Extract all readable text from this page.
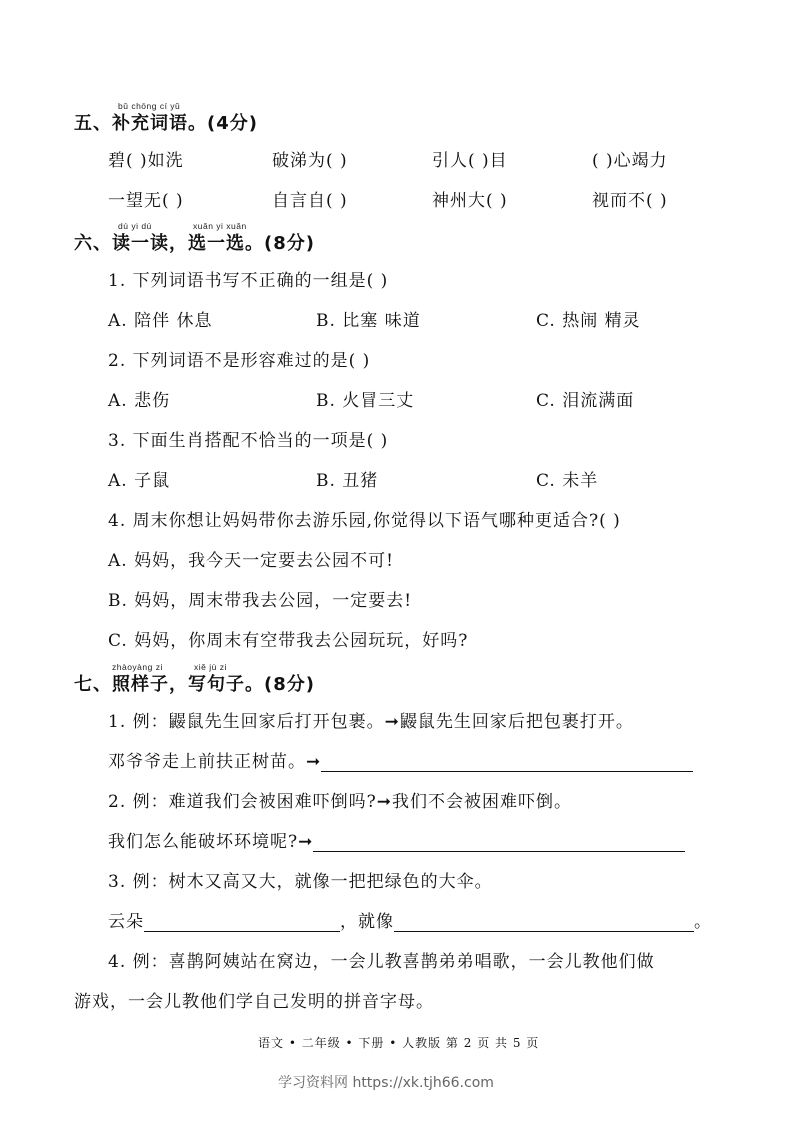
bǔ chōng cí yǔ
五、补充词语。(4分)
碧( )如洗	破涕为( )	引人( )目	( )心竭力
一望无( )	自言自( )	神州大( )	视而不( )
dú yi dú	xuǎn yi xuǎn
六、读一读，选一选。(8分)
1. 下列词语书写不正确的一组是( )
A. 陪伴 休息	B. 比塞 味道	C. 热闹 精灵
2. 下列词语不是形容难过的是( )
A. 悲伤	B. 火冒三丈	C. 泪流满面
3. 下面生肖搭配不恰当的一项是( )
A. 子鼠	B. 丑猪	C. 未羊
4. 周末你想让妈妈带你去游乐园,你觉得以下语气哪种更适合?( )
A. 妈妈，我今天一定要去公园不可!
B. 妈妈，周末带我去公园，一定要去!
C. 妈妈，你周末有空带我去公园玩玩，好吗?
zhàoyàng zi	xiě jù zi
七、照样子，写句子。(8分)
1. 例：鼹鼠先生回家后打开包裹。➞鼹鼠先生回家后把包裹打开。
邓爷爷走上前扶正树苗。➞
2. 例：难道我们会被困难吓倒吗?➞我们不会被困难吓倒。
我们怎么能破坏环境呢?➞
3. 例：树木又高又大，就像一把把绿色的大伞。
云朵	，就像	。
4. 例：喜鹊阿姨站在窝边，一会儿教喜鹊弟弟唱歌，一会儿教他们做
游戏，一会儿教他们学自己发明的拼音字母。
语文 • 二年级 • 下册 • 人教版 第 2 页 共 5 页
学习资料网 https://xk.tjh66.com
